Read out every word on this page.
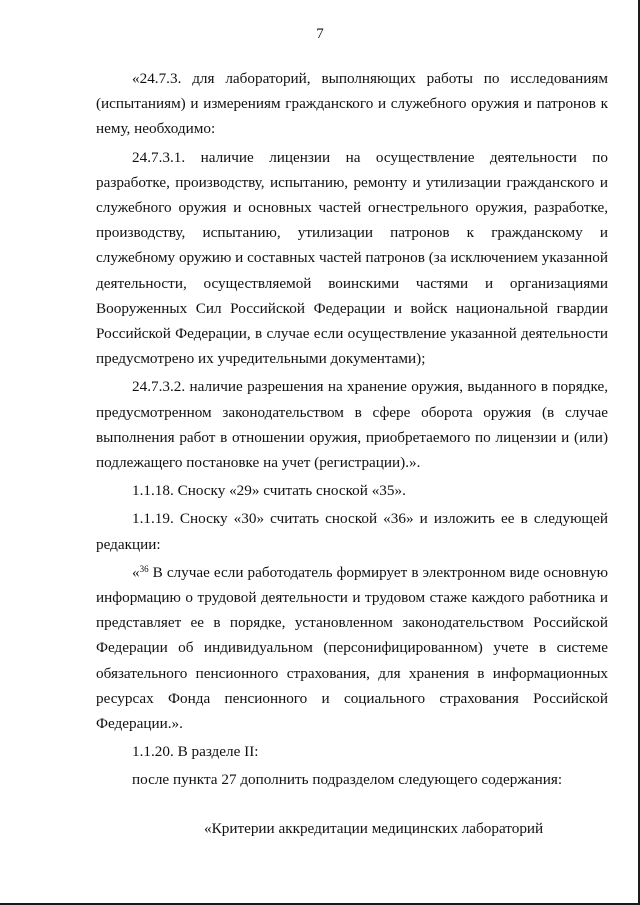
7

«24.7.3. для лабораторий, выполняющих работы по исследованиям (испытаниям) и измерениям гражданского и служебного оружия и патронов к нему, необходимо:

24.7.3.1. наличие лицензии на осуществление деятельности по разработке, производству, испытанию, ремонту и утилизации гражданского и служебного оружия и основных частей огнестрельного оружия, разработке, производству, испытанию, утилизации патронов к гражданскому и служебному оружию и составных частей патронов (за исключением указанной деятельности, осуществляемой воинскими частями и организациями Вооруженных Сил Российской Федерации и войск национальной гвардии Российской Федерации, в случае если осуществление указанной деятельности предусмотрено их учредительными документами);

24.7.3.2. наличие разрешения на хранение оружия, выданного в порядке, предусмотренном законодательством в сфере оборота оружия (в случае выполнения работ в отношении оружия, приобретаемого по лицензии и (или) подлежащего постановке на учет (регистрации).».

1.1.18. Сноску «29» считать сноской «35».

1.1.19. Сноску «30» считать сноской «36» и изложить ее в следующей редакции:

«$^{36}$ В случае если работодатель формирует в электронном виде основную информацию о трудовой деятельности и трудовом стаже каждого работника и представляет ее в порядке, установленном законодательством Российской Федерации об индивидуальном (персонифицированном) учете в системе обязательного пенсионного страхования, для хранения в информационных ресурсах Фонда пенсионного и социального страхования Российской Федерации.».

1.1.20. В разделе II:

после пункта 27 дополнить подразделом следующего содержания:

«Критерии аккредитации медицинских лабораторий
